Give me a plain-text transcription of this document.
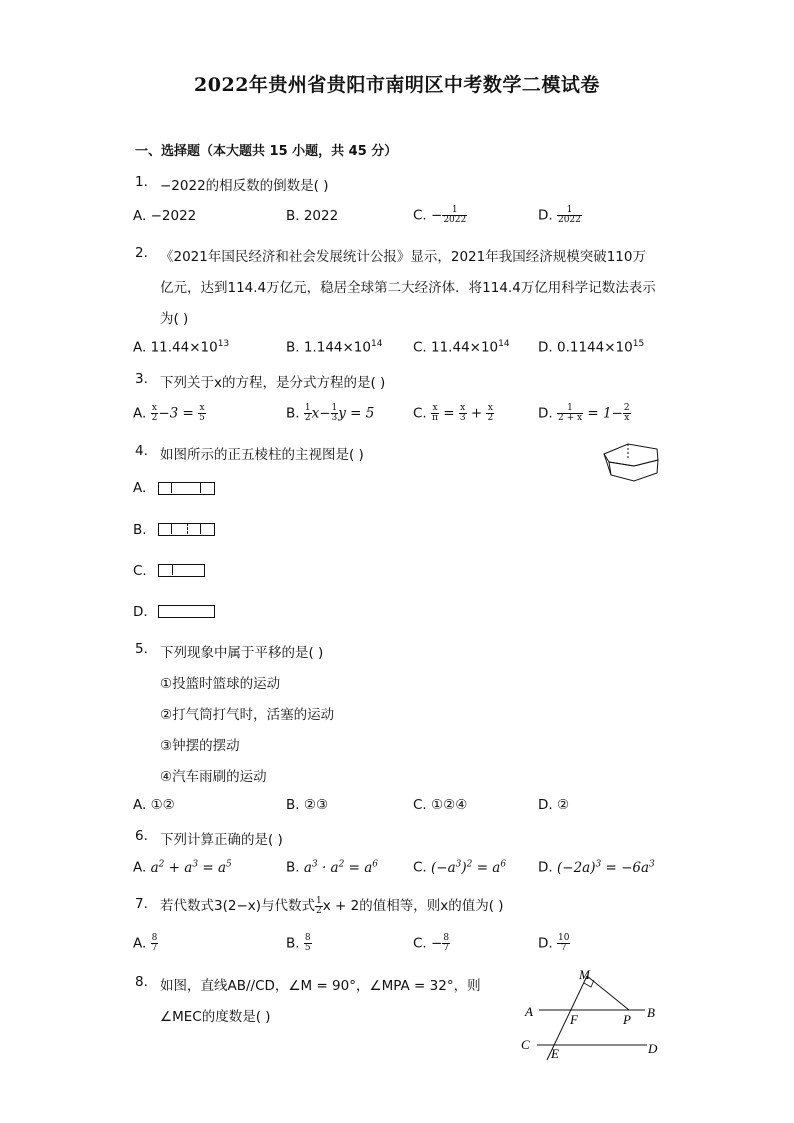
2022年贵州省贵阳市南明区中考数学二模试卷
一、选择题（本大题共 15 小题，共 45 分）
1. −2022的相反数的倒数是( )
A. −2022	B. 2022	C. − $\frac{1}{2022}$	D. $\frac{1}{2022}$
2. 《2021年国民经济和社会发展统计公报》显示，2021年我国经济规模突破110万
亿元，达到114.4万亿元，稳居全球第二大经济体．将114.4万亿用科学记数法表示
为( )
A. $11.44\times 10^{13}$	B. $1.144\times 10^{14}$ C. $11.44\times 10^{14}$ D. $0.1144\times 10^{15}$
3. 下列关于x的方程，是分式方程的是( )
A. $\frac{x}{2} -3 = \frac{x}{5}$	B. $\frac{1}{2} x- \frac{1}{3}$ y = 5	C. $\frac{x}{\pi} = \frac{x}{3} + \frac{x}{2}$	D. $\frac{1}{2 + x} = 1- \frac{2}{x}$
4. 如图所示的正五棱柱的主视图是( )
A.
B.
C.
D.
5. 下列现象中属于平移的是( )
①投篮时篮球的运动
②打气筒打气时，活塞的运动
③钟摆的摆动
④汽车雨刷的运动
A. ①②	B. ②③	C. ①②④	D. ②
6. 下列计算正确的是( )
A. $a^2 + a^3 = a^5$	B. $a^3 \cdot a^2 = a^6$	C. $(-a^3)^2 = a^6$ D. $(-2a)^3 = -6a^3$
7. 若代数式3(2−x)与代数式 $\frac{1}{2}$ x + 2的值相等，则x的值为( )
A. $\frac{8}{7}$	B. $\frac{8}{5}$	C. − $\frac{8}{7}$	D. $\frac{10}{7}$
8. 如图，直线AB//CD，∠M = 90°，∠MPA = 32°，则
∠MEC的度数是( )
M
A
F	P B
C
E	D
